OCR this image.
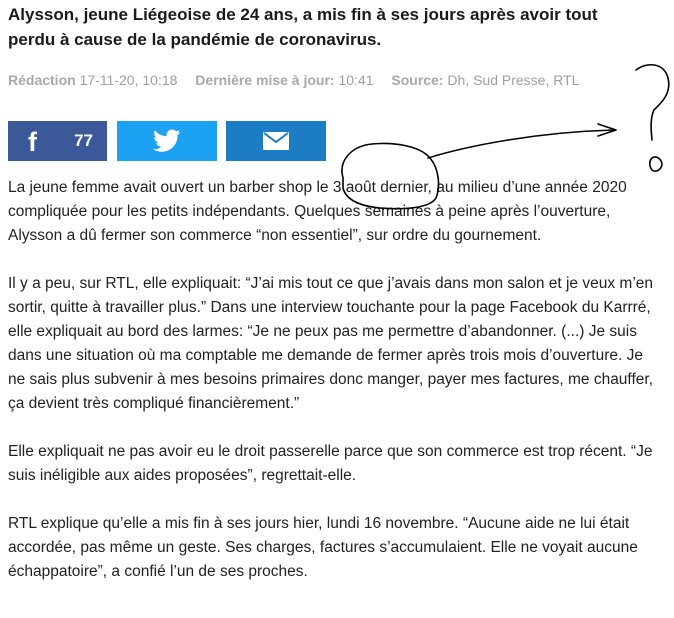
Alysson, jeune Liégeoise de 24 ans, a mis fin à ses jours après avoir tout perdu à cause de la pandémie de coronavirus.
Rédaction 17-11-20, 10:18 Dernière mise à jour: 10:41 Source: Dh, Sud Presse, RTL
f 77

La jeune femme avait ouvert un barber shop le 3 août dernier, au milieu d’une année 2020 compliquée pour les petits indépendants. Quelques semaines à peine après l’ouverture, Alysson a dû fermer son commerce “non essentiel”, sur ordre du gournement.

Il y a peu, sur RTL, elle expliquait: “J’ai mis tout ce que j’avais dans mon salon et je veux m’en sortir, quitte à travailler plus.” Dans une interview touchante pour la page Facebook du Karrré, elle expliquait au bord des larmes: “Je ne peux pas me permettre d’abandonner. (...) Je suis dans une situation où ma comptable me demande de fermer après trois mois d’ouverture. Je ne sais plus subvenir à mes besoins primaires donc manger, payer mes factures, me chauffer, ça devient très compliqué financièrement.”

Elle expliquait ne pas avoir eu le droit passerelle parce que son commerce est trop récent. “Je suis inéligible aux aides proposées”, regrettait-elle.

RTL explique qu’elle a mis fin à ses jours hier, lundi 16 novembre. “Aucune aide ne lui était accordée, pas même un geste. Ses charges, factures s’accumulaient. Elle ne voyait aucune échappatoire”, a confié l’un de ses proches.
